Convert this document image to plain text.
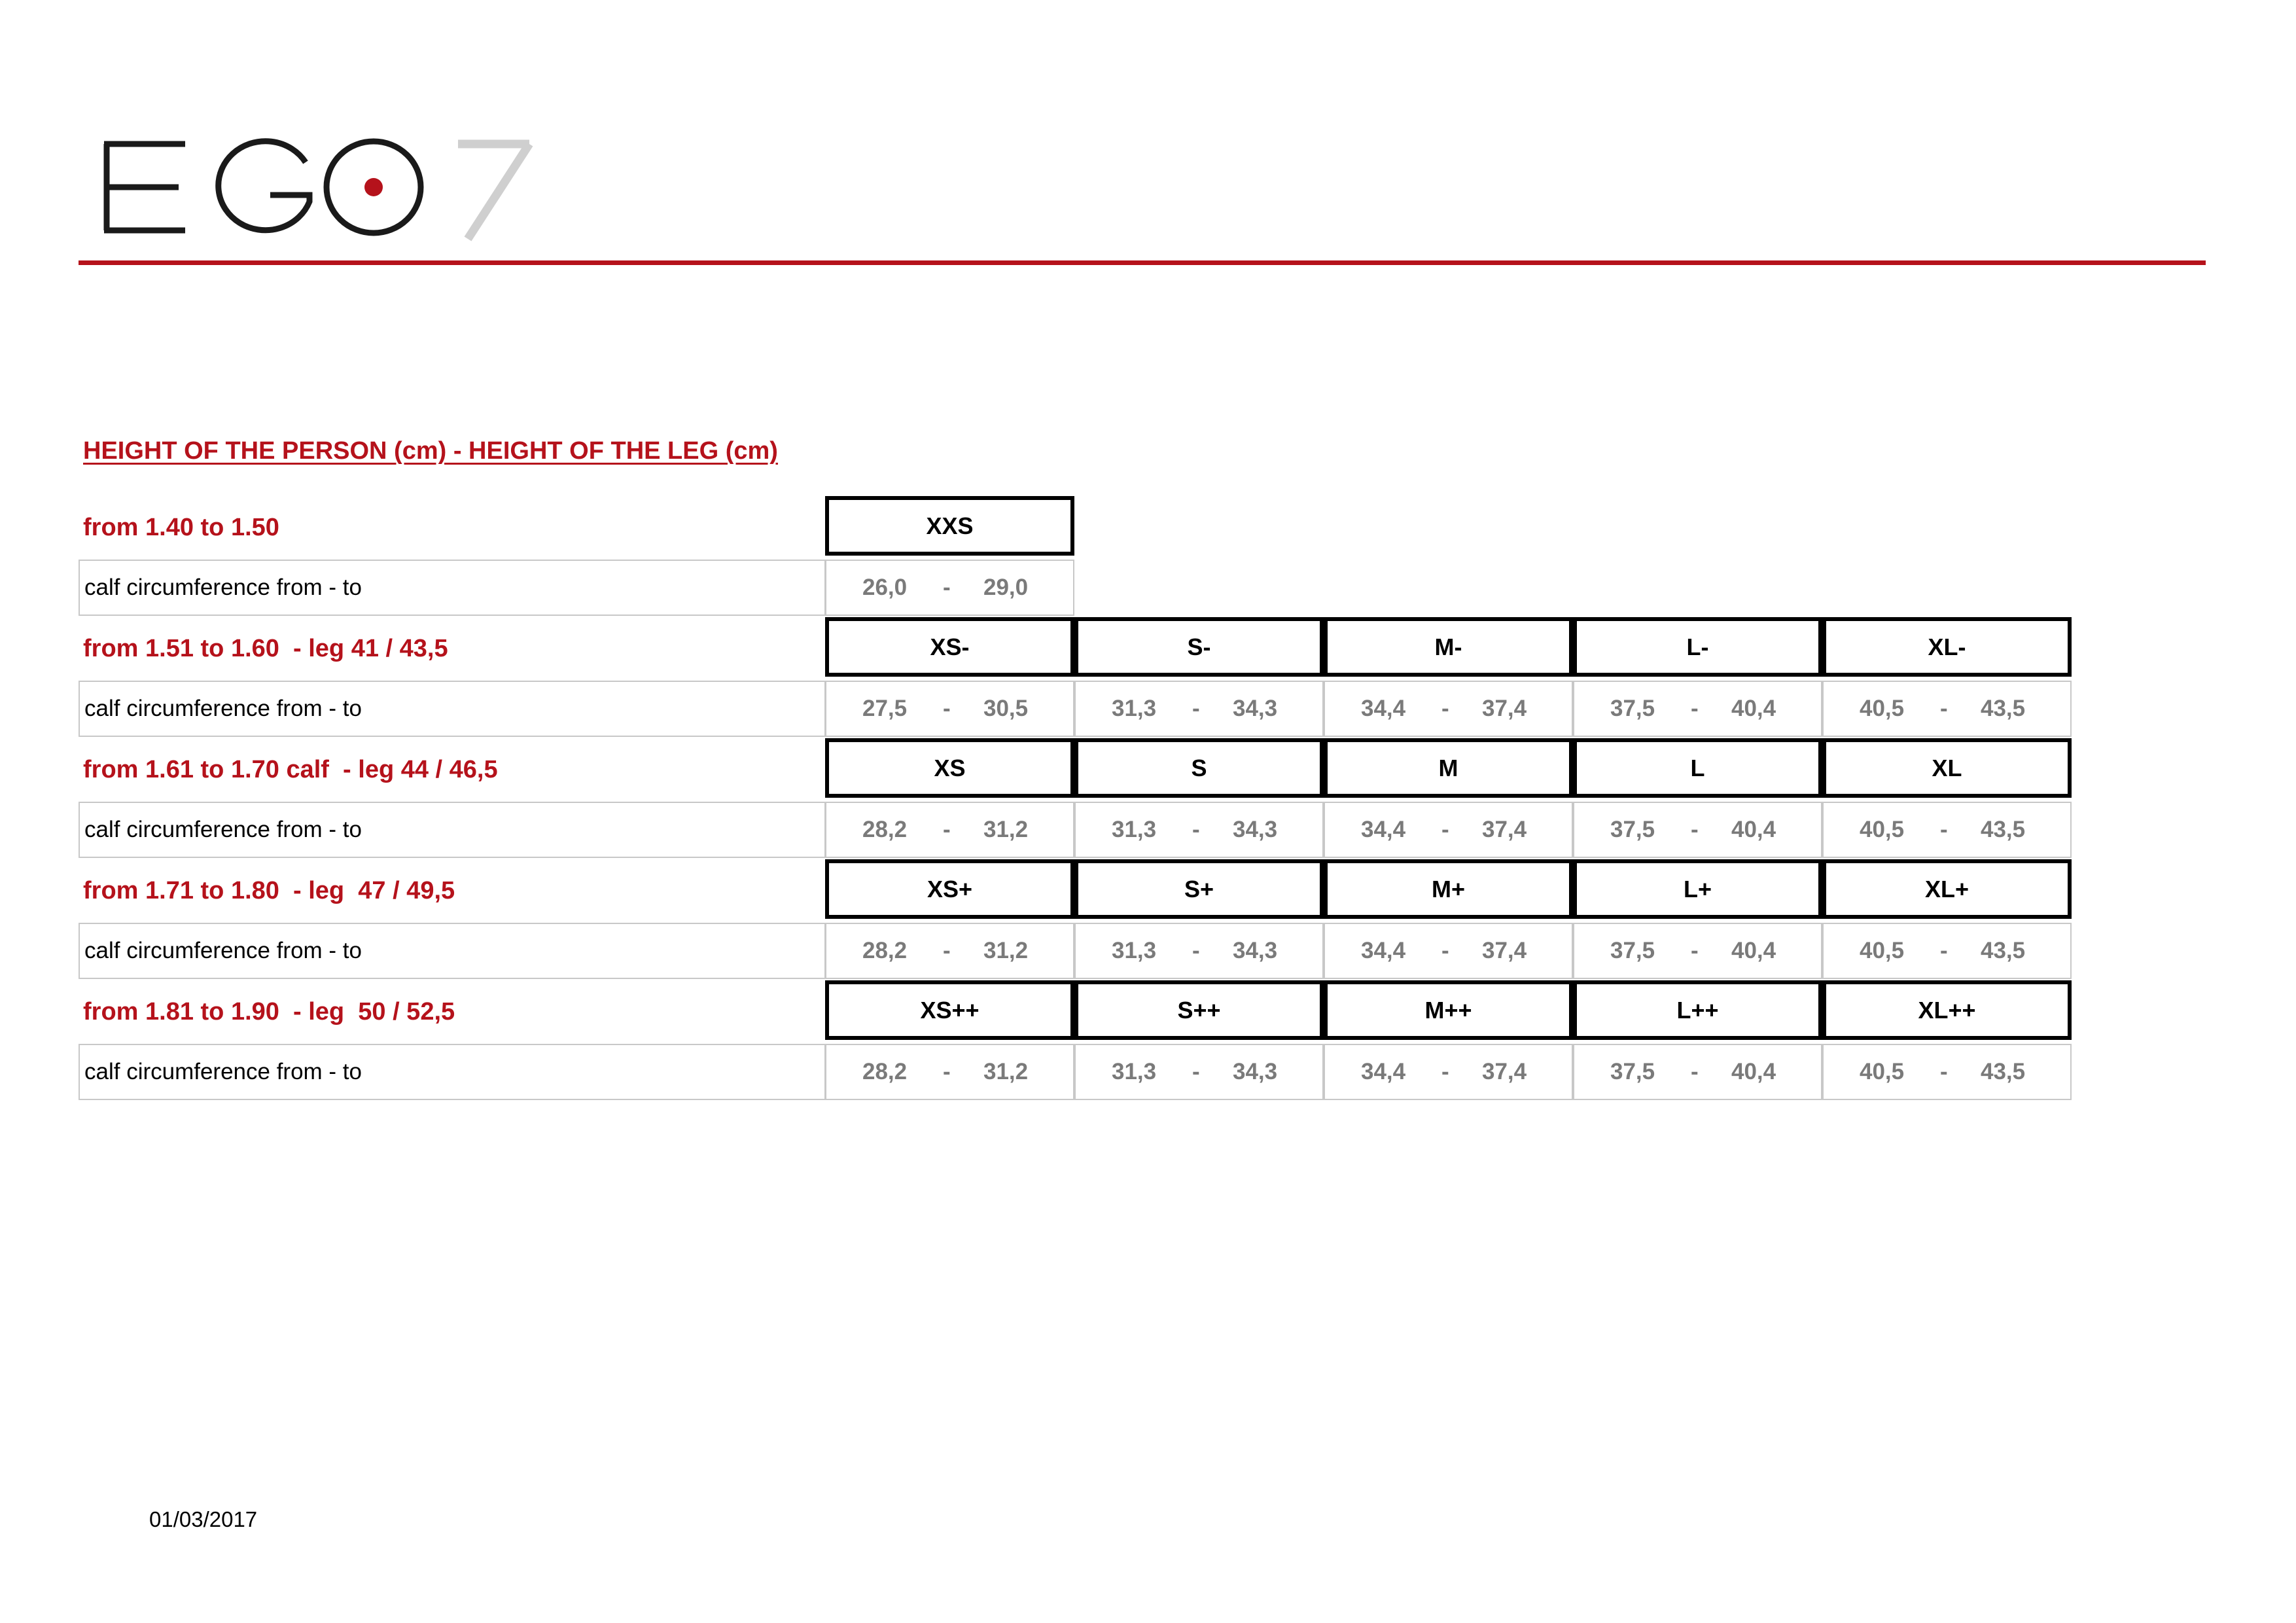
HEIGHT OF THE PERSON (cm) - HEIGHT OF THE LEG (cm)
from 1.40 to 1.50	XXS
calf circumference from - to	26,0 - 29,0
from 1.51 to 1.60  - leg 41 / 43,5	XS-	S-	M-	L-	XL-
calf circumference from - to	27,5 - 30,5	31,3 - 34,3	34,4 - 37,4	37,5 - 40,4	40,5 - 43,5
from 1.61 to 1.70 calf  - leg 44 / 46,5	XS	S	M	L	XL
calf circumference from - to	28,2 - 31,2	31,3 - 34,3	34,4 - 37,4	37,5 - 40,4	40,5 - 43,5
from 1.71 to 1.80  - leg  47 / 49,5	XS+	S+	M+	L+	XL+
calf circumference from - to	28,2 - 31,2	31,3 - 34,3	34,4 - 37,4	37,5 - 40,4	40,5 - 43,5
from 1.81 to 1.90  - leg  50 / 52,5	XS++	S++	M++	L++	XL++
calf circumference from - to	28,2 - 31,2	31,3 - 34,3	34,4 - 37,4	37,5 - 40,4	40,5 - 43,5
01/03/2017
